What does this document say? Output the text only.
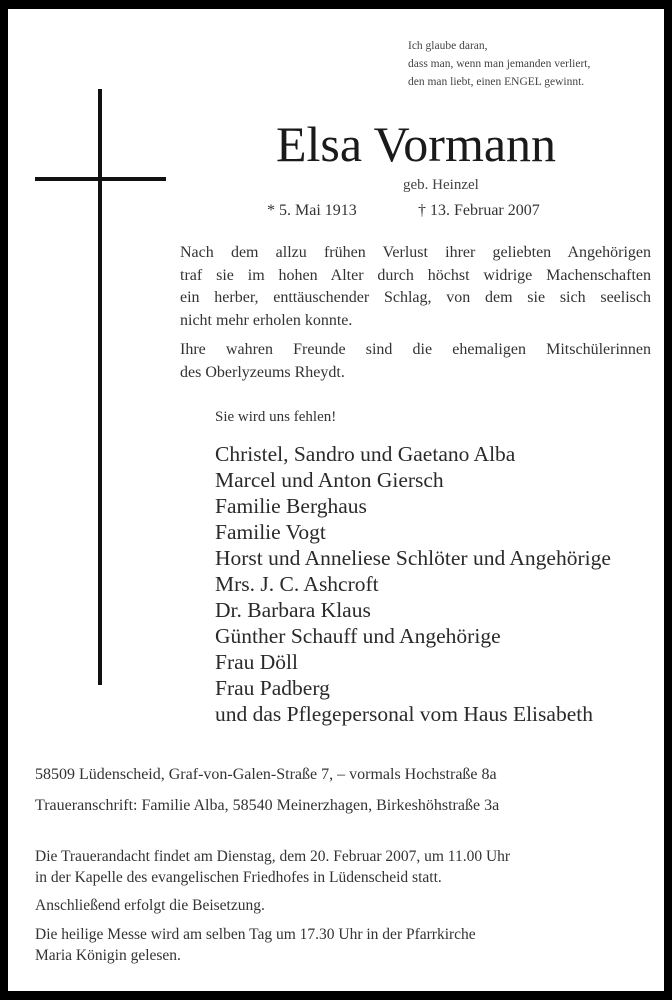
Ich glaube daran,
dass man, wenn man jemanden verliert,
den man liebt, einen ENGEL gewinnt.
Elsa Vormann
geb. Heinzel
* 5. Mai 1913	† 13. Februar 2007
Nach dem allzu frühen Verlust ihrer geliebten Angehörigen
traf sie im hohen Alter durch höchst widrige Machenschaften
ein herber, enttäuschender Schlag, von dem sie sich seelisch
nicht mehr erholen konnte.
Ihre wahren Freunde sind die ehemaligen Mitschülerinnen
des Oberlyzeums Rheydt.
Sie wird uns fehlen!
Christel, Sandro und Gaetano Alba
Marcel und Anton Giersch
Familie Berghaus
Familie Vogt
Horst und Anneliese Schlöter und Angehörige
Mrs. J. C. Ashcroft
Dr. Barbara Klaus
Günther Schauff und Angehörige
Frau Döll
Frau Padberg
und das Pflegepersonal vom Haus Elisabeth
58509 Lüdenscheid, Graf-von-Galen-Straße 7, – vormals Hochstraße 8a
Traueranschrift: Familie Alba, 58540 Meinerzhagen, Birkeshöhstraße 3a
Die Trauerandacht findet am Dienstag, dem 20. Februar 2007, um 11.00 Uhr
in der Kapelle des evangelischen Friedhofes in Lüdenscheid statt.
Anschließend erfolgt die Beisetzung.
Die heilige Messe wird am selben Tag um 17.30 Uhr in der Pfarrkirche
Maria Königin gelesen.
